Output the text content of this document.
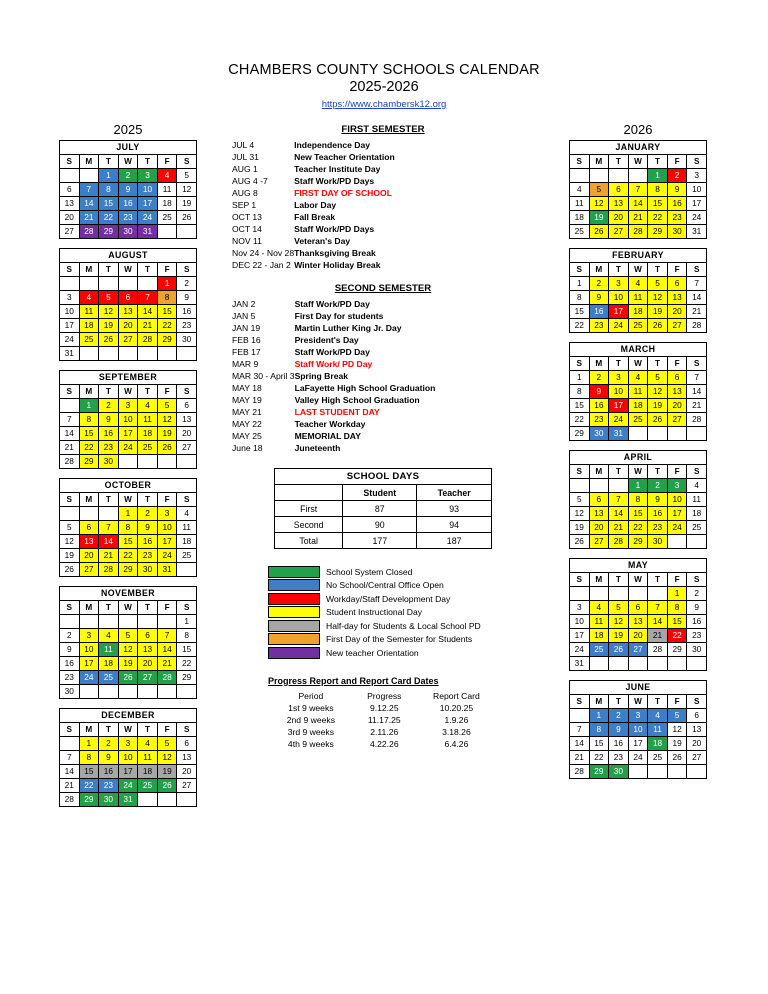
CHAMBERS COUNTY SCHOOLS CALENDAR
2025-2026
https://www.chambersk12.org
2025
JULY						
S	M	T	W	T	F	S
		1	2	3	4	5
6	7	8	9	10	11	12
13	14	15	16	17	18	19
20	21	22	23	24	25	26
27	28	29	30	31		
AUGUST						
S	M	T	W	T	F	S
					1	2
3	4	5	6	7	8	9
10	11	12	13	14	15	16
17	18	19	20	21	22	23
24	25	26	27	28	29	30
31						
SEPTEMBER						
S	M	T	W	T	F	S
	1	2	3	4	5	6
7	8	9	10	11	12	13
14	15	16	17	18	19	20
21	22	23	24	25	26	27
28	29	30				
OCTOBER						
S	M	T	W	T	F	S
			1	2	3	4
5	6	7	8	9	10	11
12	13	14	15	16	17	18
19	20	21	22	23	24	25
26	27	28	29	30	31	
NOVEMBER						
S	M	T	W	T	F	S
						1
2	3	4	5	6	7	8
9	10	11	12	13	14	15
16	17	18	19	20	21	22
23	24	25	26	27	28	29
30						
DECEMBER						
S	M	T	W	T	F	S
	1	2	3	4	5	6
7	8	9	10	11	12	13
14	15	16	17	18	19	20
21	22	23	24	25	26	27
28	29	30	31			
FIRST SEMESTER
JUL 4	Independence Day
JUL 31	New Teacher Orientation
AUG 1	Teacher Institute Day
AUG 4 -7	Staff Work/PD Days
AUG 8	FIRST DAY OF SCHOOL
SEP 1	Labor Day
OCT 13	Fall Break
OCT 14	Staff Work/PD Days
NOV 11	Veteran's Day
Nov 24 - Nov 28	Thanksgiving Break
DEC 22 - Jan 2	Winter Holiday Break
SECOND SEMESTER
JAN 2	Staff Work/PD Day
JAN 5	First Day for students
JAN 19	Martin Luther King Jr. Day
FEB 16	President's Day
FEB 17	Staff Work/PD Day
MAR 9	Staff Work/ PD Day
MAR 30 - April 3	Spring Break
MAY 18	LaFayette High School Graduation
MAY 19	Valley High School Graduation
MAY 21	LAST STUDENT DAY
MAY 22	Teacher Workday
MAY 25	MEMORIAL DAY
June 18	Juneteenth
SCHOOL DAYS		
	Student	Teacher
First	87	93
Second	90	94
Total	177	187
School System Closed
No School/Central Office Open
Workday/Staff Development Day
Student Instructional Day
Half-day for Students & Local School PD
First Day of the Semester for Students
New teacher Orientation
Progress Report and Report Card Dates
Period	Progress	Report Card
1st 9 weeks	9.12.25	10.20.25
2nd 9 weeks	11.17.25	1.9.26
3rd 9 weeks	2.11.26	3.18.26
4th 9 weeks	4.22.26	6.4.26
2026
JANUARY						
S	M	T	W	T	F	S
				1	2	3
4	5	6	7	8	9	10
11	12	13	14	15	16	17
18	19	20	21	22	23	24
25	26	27	28	29	30	31
FEBRUARY						
S	M	T	W	T	F	S
1	2	3	4	5	6	7
8	9	10	11	12	13	14
15	16	17	18	19	20	21
22	23	24	25	26	27	28
MARCH						
S	M	T	W	T	F	S
1	2	3	4	5	6	7
8	9	10	11	12	13	14
15	16	17	18	19	20	21
22	23	24	25	26	27	28
29	30	31				
APRIL						
S	M	T	W	T	F	S
			1	2	3	4
5	6	7	8	9	10	11
12	13	14	15	16	17	18
19	20	21	22	23	24	25
26	27	28	29	30		
MAY						
S	M	T	W	T	F	S
					1	2
3	4	5	6	7	8	9
10	11	12	13	14	15	16
17	18	19	20	21	22	23
24	25	26	27	28	29	30
31						
JUNE						
S	M	T	W	T	F	S
	1	2	3	4	5	6
7	8	9	10	11	12	13
14	15	16	17	18	19	20
21	22	23	24	25	26	27
28	29	30				
